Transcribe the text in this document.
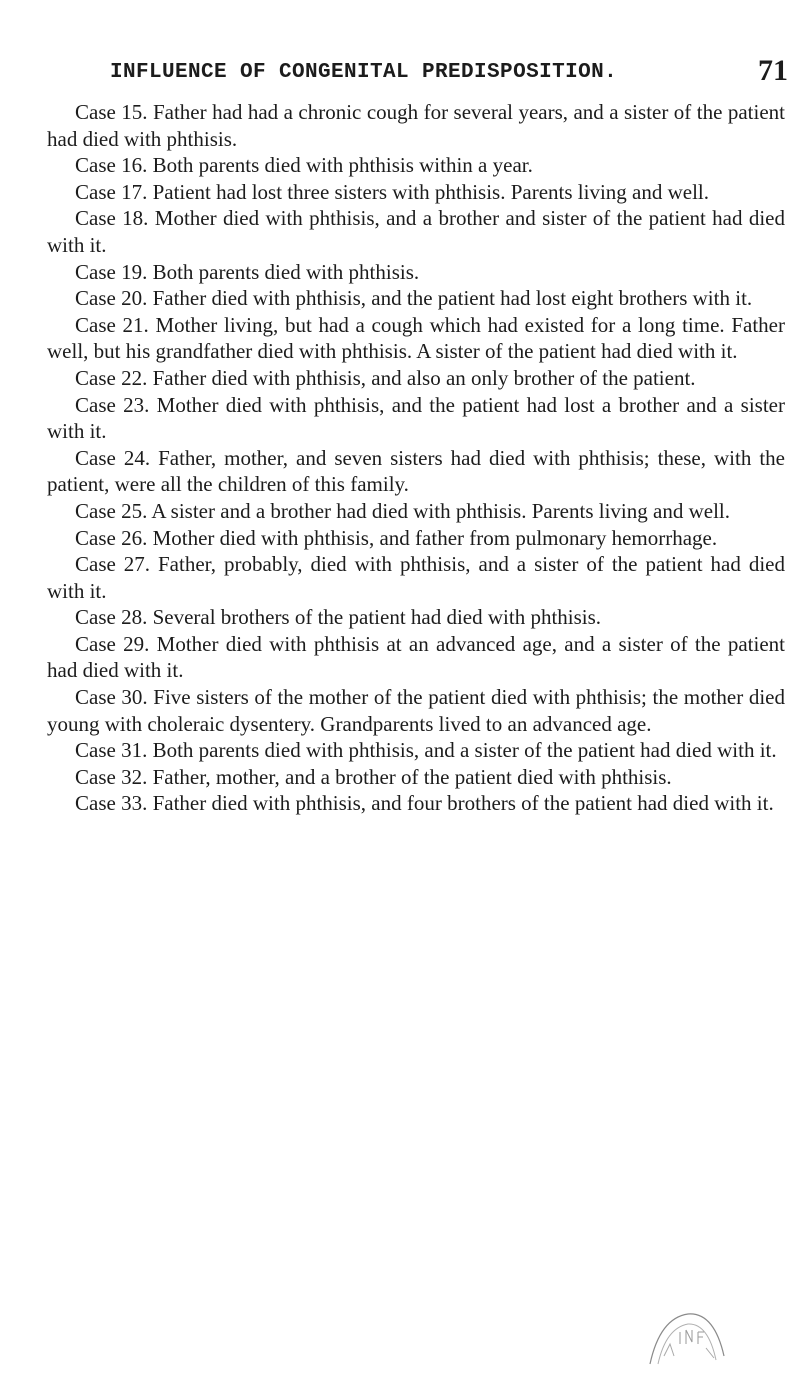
INFLUENCE OF CONGENITAL PREDISPOSITION.	71

Case 15. Father had had a chronic cough for several years, and a sister of the patient had died with phthisis.

Case 16. Both parents died with phthisis within a year.

Case 17. Patient had lost three sisters with phthisis. Parents living and well.

Case 18. Mother died with phthisis, and a brother and sister of the patient had died with it.

Case 19. Both parents died with phthisis.

Case 20. Father died with phthisis, and the patient had lost eight brothers with it.

Case 21. Mother living, but had a cough which had existed for a long time. Father well, but his grandfather died with phthisis. A sister of the patient had died with it.

Case 22. Father died with phthisis, and also an only brother of the patient.

Case 23. Mother died with phthisis, and the patient had lost a brother and a sister with it.

Case 24. Father, mother, and seven sisters had died with phthisis; these, with the patient, were all the children of this family.

Case 25. A sister and a brother had died with phthisis. Parents living and well.

Case 26. Mother died with phthisis, and father from pulmonary hemorrhage.

Case 27. Father, probably, died with phthisis, and a sister of the patient had died with it.

Case 28. Several brothers of the patient had died with phthisis.

Case 29. Mother died with phthisis at an advanced age, and a sister of the patient had died with it.

Case 30. Five sisters of the mother of the patient died with phthisis; the mother died young with choleraic dysentery. Grandparents lived to an advanced age.

Case 31. Both parents died with phthisis, and a sister of the patient had died with it.

Case 32. Father, mother, and a brother of the patient died with phthisis.

Case 33. Father died with phthisis, and four brothers of the patient had died with it.
